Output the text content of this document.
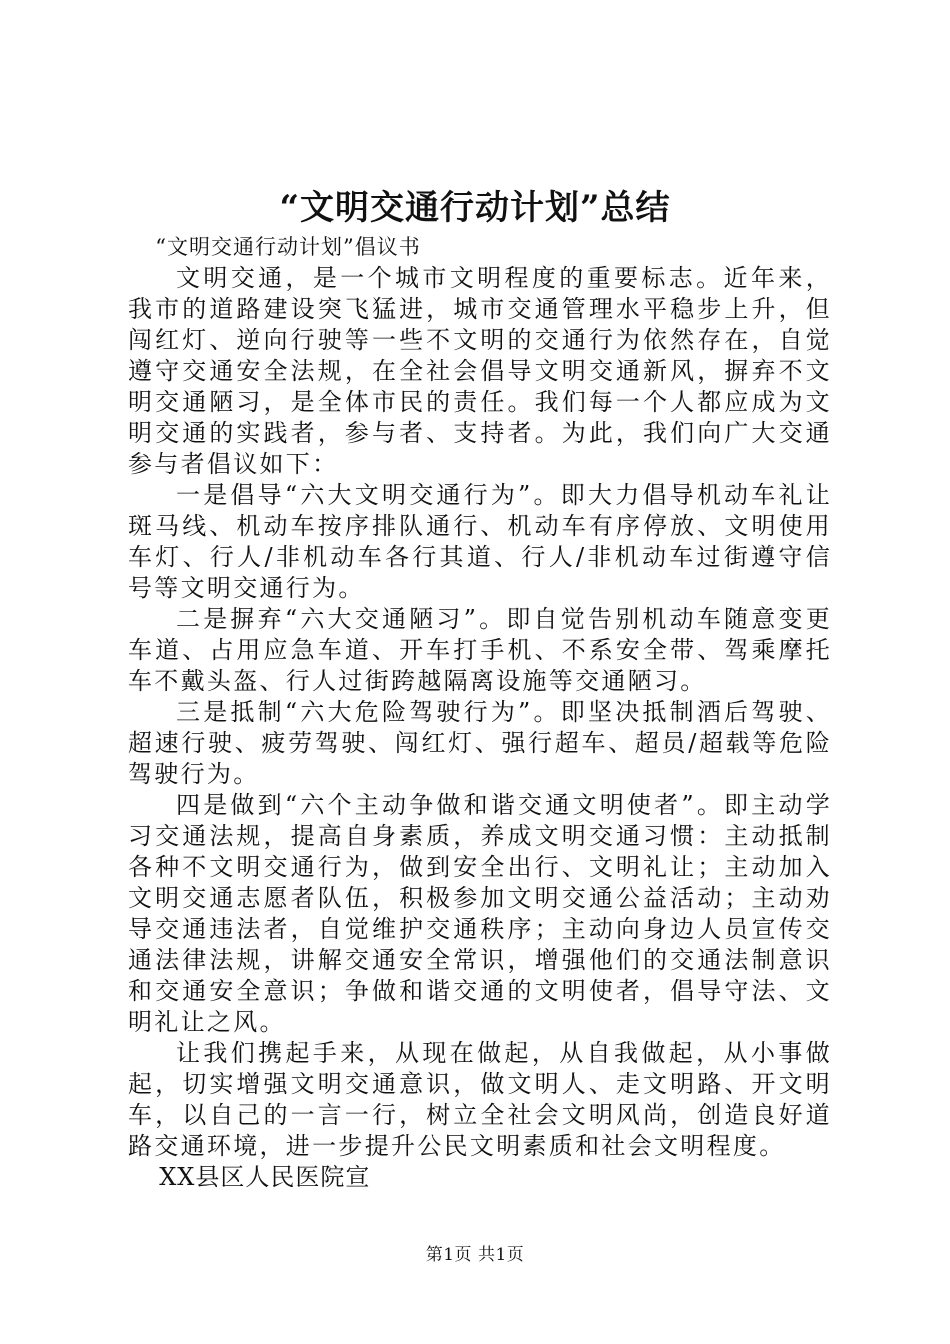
“文明交通行动计划”总结

“文明交通行动计划”倡议书

文明交通，是一个城市文明程度的重要标志。近年来，我市的道路建设突飞猛进，城市交通管理水平稳步上升，但闯红灯、逆向行驶等一些不文明的交通行为依然存在，自觉遵守交通安全法规，在全社会倡导文明交通新风，摒弃不文明交通陋习，是全体市民的责任。我们每一个人都应成为文明交通的实践者，参与者、支持者。为此，我们向广大交通参与者倡议如下：

一是倡导“六大文明交通行为”。即大力倡导机动车礼让斑马线、机动车按序排队通行、机动车有序停放、文明使用车灯、行人/非机动车各行其道、行人/非机动车过街遵守信号等文明交通行为。

二是摒弃“六大交通陋习”。即自觉告别机动车随意变更车道、占用应急车道、开车打手机、不系安全带、驾乘摩托车不戴头盔、行人过街跨越隔离设施等交通陋习。

三是抵制“六大危险驾驶行为”。即坚决抵制酒后驾驶、超速行驶、疲劳驾驶、闯红灯、强行超车、超员/超载等危险驾驶行为。

四是做到“六个主动争做和谐交通文明使者”。即主动学习交通法规，提高自身素质，养成文明交通习惯：主动抵制各种不文明交通行为，做到安全出行、文明礼让；主动加入文明交通志愿者队伍，积极参加文明交通公益活动；主动劝导交通违法者，自觉维护交通秩序；主动向身边人员宣传交通法律法规，讲解交通安全常识，增强他们的交通法制意识和交通安全意识；争做和谐交通的文明使者，倡导守法、文明礼让之风。

让我们携起手来，从现在做起，从自我做起，从小事做起，切实增强文明交通意识，做文明人、走文明路、开文明车，以自己的一言一行，树立全社会文明风尚，创造良好道路交通环境，进一步提升公民文明素质和社会文明程度。

XX县区人民医院宣

第1页 共1页
